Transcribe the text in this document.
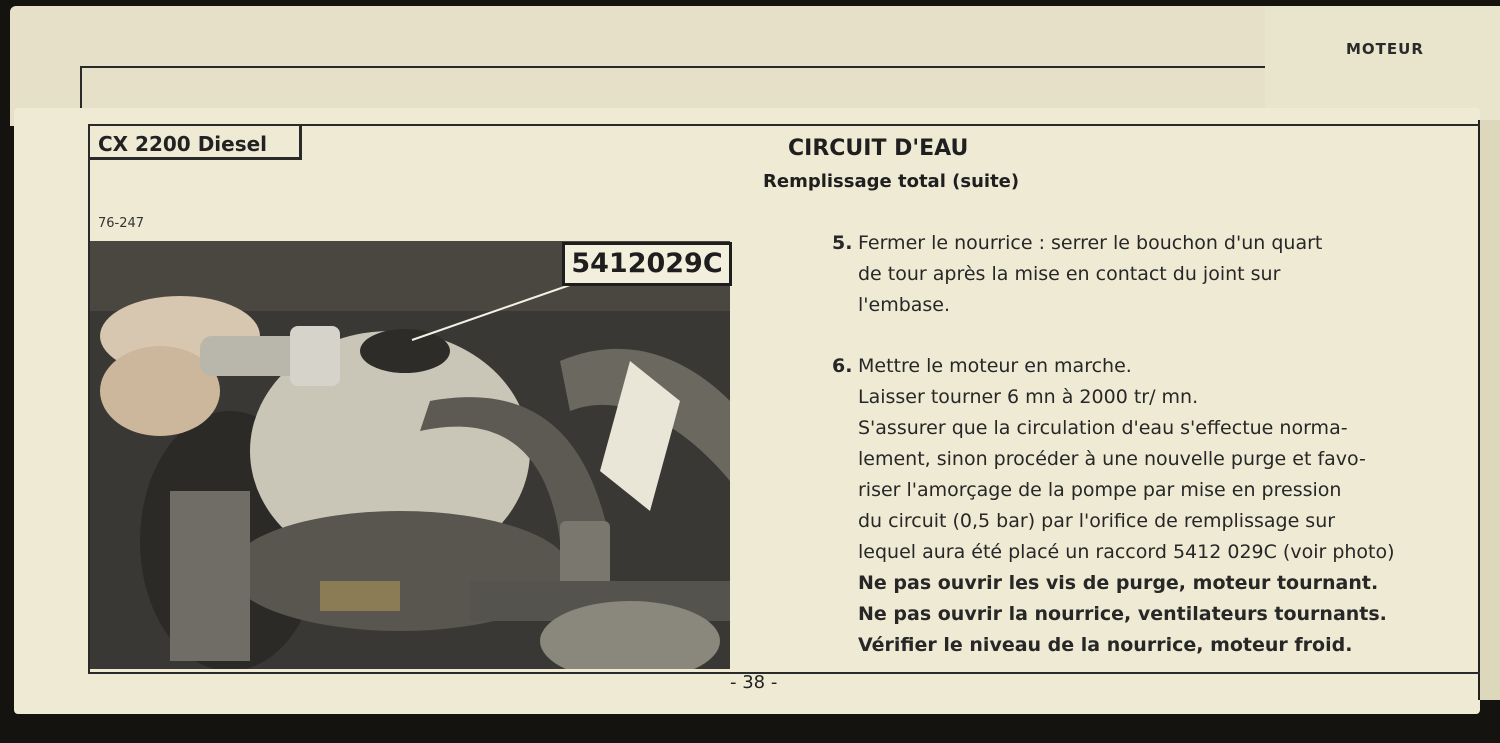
MOTEUR
CX 2200 Diesel
76-247
5412029C
CIRCUIT D'EAU
Remplissage total (suite)
5. Fermer le nourrice : serrer le bouchon d'un quart
de tour après la mise en contact du joint sur
l'embase.
6. Mettre le moteur en marche.
Laisser tourner 6 mn à 2000 tr/ mn.
S'assurer que la circulation d'eau s'effectue norma-
lement, sinon procéder à une nouvelle purge et favo-
riser l'amorçage de la pompe par mise en pression
du circuit (0,5 bar) par l'orifice de remplissage sur
lequel aura été placé un raccord 5412 029C (voir photo)
Ne pas ouvrir les vis de purge, moteur tournant.
Ne pas ouvrir la nourrice, ventilateurs tournants.
Vérifier le niveau de la nourrice, moteur froid.
- 38 -
